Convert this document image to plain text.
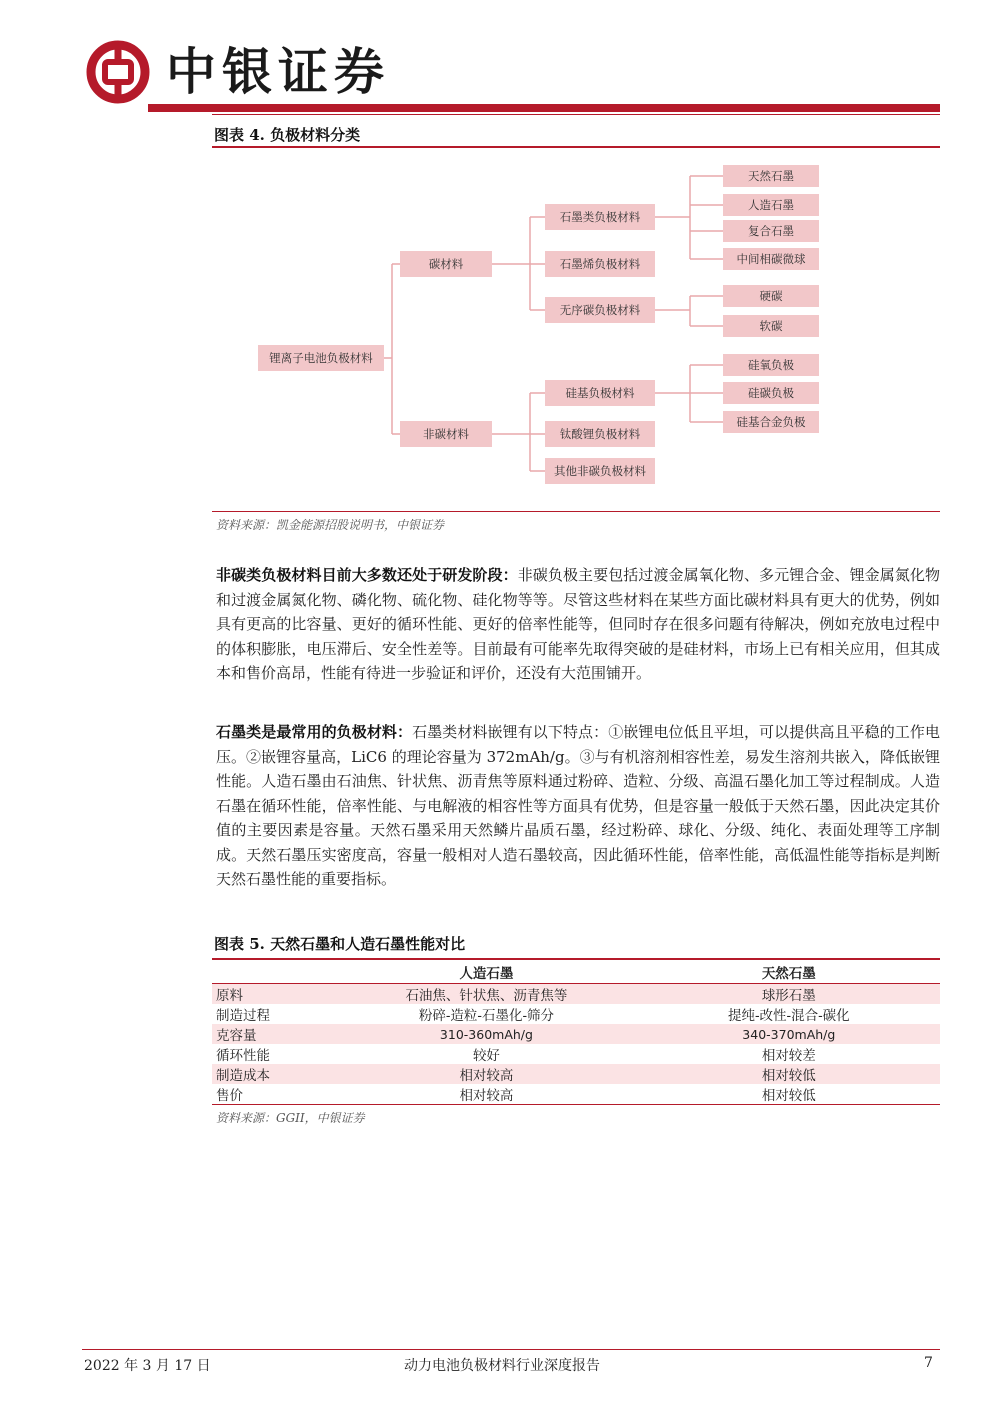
中银证券
图表 4. 负极材料分类
锂离子电池负极材料
碳材料
非碳材料
石墨类负极材料
石墨烯负极材料
无序碳负极材料
硅基负极材料
钛酸锂负极材料
其他非碳负极材料
天然石墨
人造石墨
复合石墨
中间相碳微球
硬碳
软碳
硅氧负极
硅碳负极
硅基合金负极
资料来源：凯金能源招股说明书，中银证券
非碳类负极材料目前大多数还处于研发阶段：非碳负极主要包括过渡金属氧化物、多元锂合金、锂金属氮化物和过渡金属氮化物、磷化物、硫化物、硅化物等等。尽管这些材料在某些方面比碳材料具有更大的优势，例如具有更高的比容量、更好的循环性能、更好的倍率性能等，但同时存在很多问题有待解决，例如充放电过程中的体积膨胀，电压滞后、安全性差等。目前最有可能率先取得突破的是硅材料，市场上已有相关应用，但其成本和售价高昂，性能有待进一步验证和评价，还没有大范围铺开。
石墨类是最常用的负极材料：石墨类材料嵌锂有以下特点：①嵌锂电位低且平坦，可以提供高且平稳的工作电压。②嵌锂容量高，LiC6 的理论容量为 372mAh/g。③与有机溶剂相容性差，易发生溶剂共嵌入，降低嵌锂性能。人造石墨由石油焦、针状焦、沥青焦等原料通过粉碎、造粒、分级、高温石墨化加工等过程制成。人造石墨在循环性能，倍率性能、与电解液的相容性等方面具有优势，但是容量一般低于天然石墨，因此决定其价值的主要因素是容量。天然石墨采用天然鳞片晶质石墨，经过粉碎、球化、分级、纯化、表面处理等工序制成。天然石墨压实密度高，容量一般相对人造石墨较高，因此循环性能，倍率性能，高低温性能等指标是判断天然石墨性能的重要指标。
图表 5. 天然石墨和人造石墨性能对比
	人造石墨	天然石墨
原料	石油焦、针状焦、沥青焦等	球形石墨
制造过程	粉碎-造粒-石墨化-筛分	提纯-改性-混合-碳化
克容量	310-360mAh/g	340-370mAh/g
循环性能	较好	相对较差
制造成本	相对较高	相对较低
售价	相对较高	相对较低
资料来源：GGII，中银证券
2022 年 3 月 17 日	动力电池负极材料行业深度报告	7
